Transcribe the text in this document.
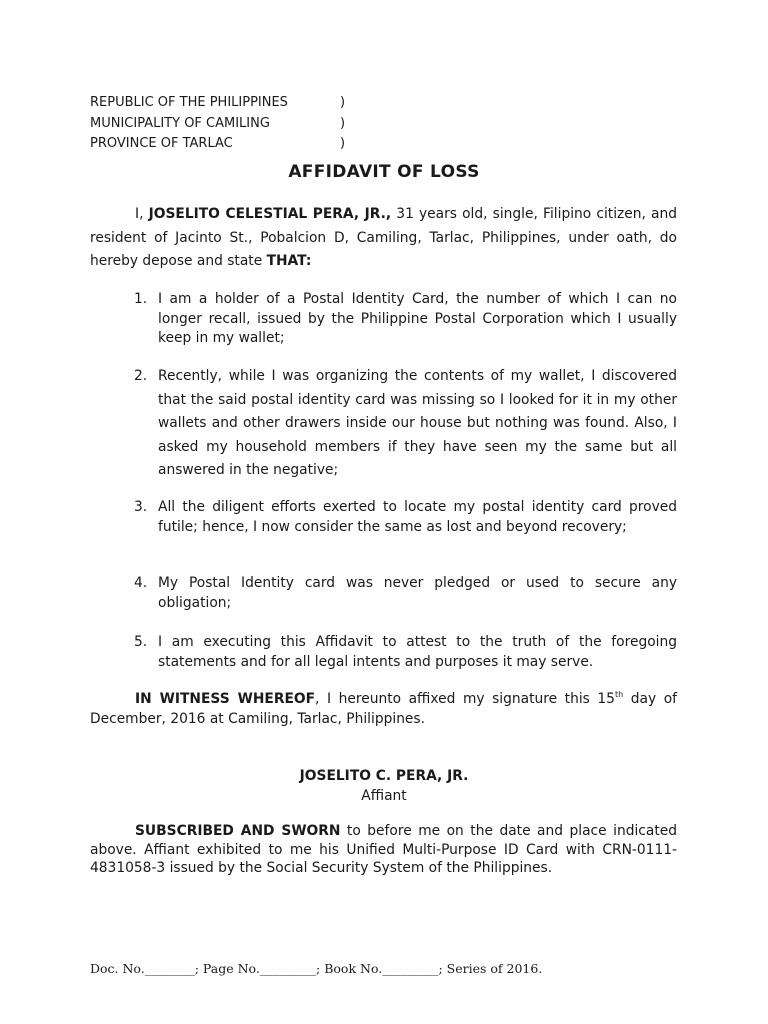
REPUBLIC OF THE PHILIPPINES	)
MUNICIPALITY OF CAMILING	)
PROVINCE OF TARLAC	)
AFFIDAVIT OF LOSS
I, JOSELITO CELESTIAL PERA, JR., 31 years old, single, Filipino citizen, and resident of Jacinto St., Pobalcion D, Camiling, Tarlac, Philippines, under oath, do hereby depose and state THAT:
1. I am a holder of a Postal Identity Card, the number of which I can no longer recall, issued by the Philippine Postal Corporation which I usually keep in my wallet;
2. Recently, while I was organizing the contents of my wallet, I discovered that the said postal identity card was missing so I looked for it in my other wallets and other drawers inside our house but nothing was found. Also, I asked my household members if they have seen my the same but all answered in the negative;
3. All the diligent efforts exerted to locate my postal identity card proved futile; hence, I now consider the same as lost and beyond recovery;
4. My Postal Identity card was never pledged or used to secure any obligation;
5. I am executing this Affidavit to attest to the truth of the foregoing statements and for all legal intents and purposes it may serve.
IN WITNESS WHEREOF, I hereunto affixed my signature this 15th day of December, 2016 at Camiling, Tarlac, Philippines.
JOSELITO C. PERA, JR.
Affiant
SUBSCRIBED AND SWORN to before me on the date and place indicated above. Affiant exhibited to me his Unified Multi-Purpose ID Card with CRN-0111-4831058-3 issued by the Social Security System of the Philippines.
Doc. No.________; Page No._________; Book No._________; Series of 2016.
